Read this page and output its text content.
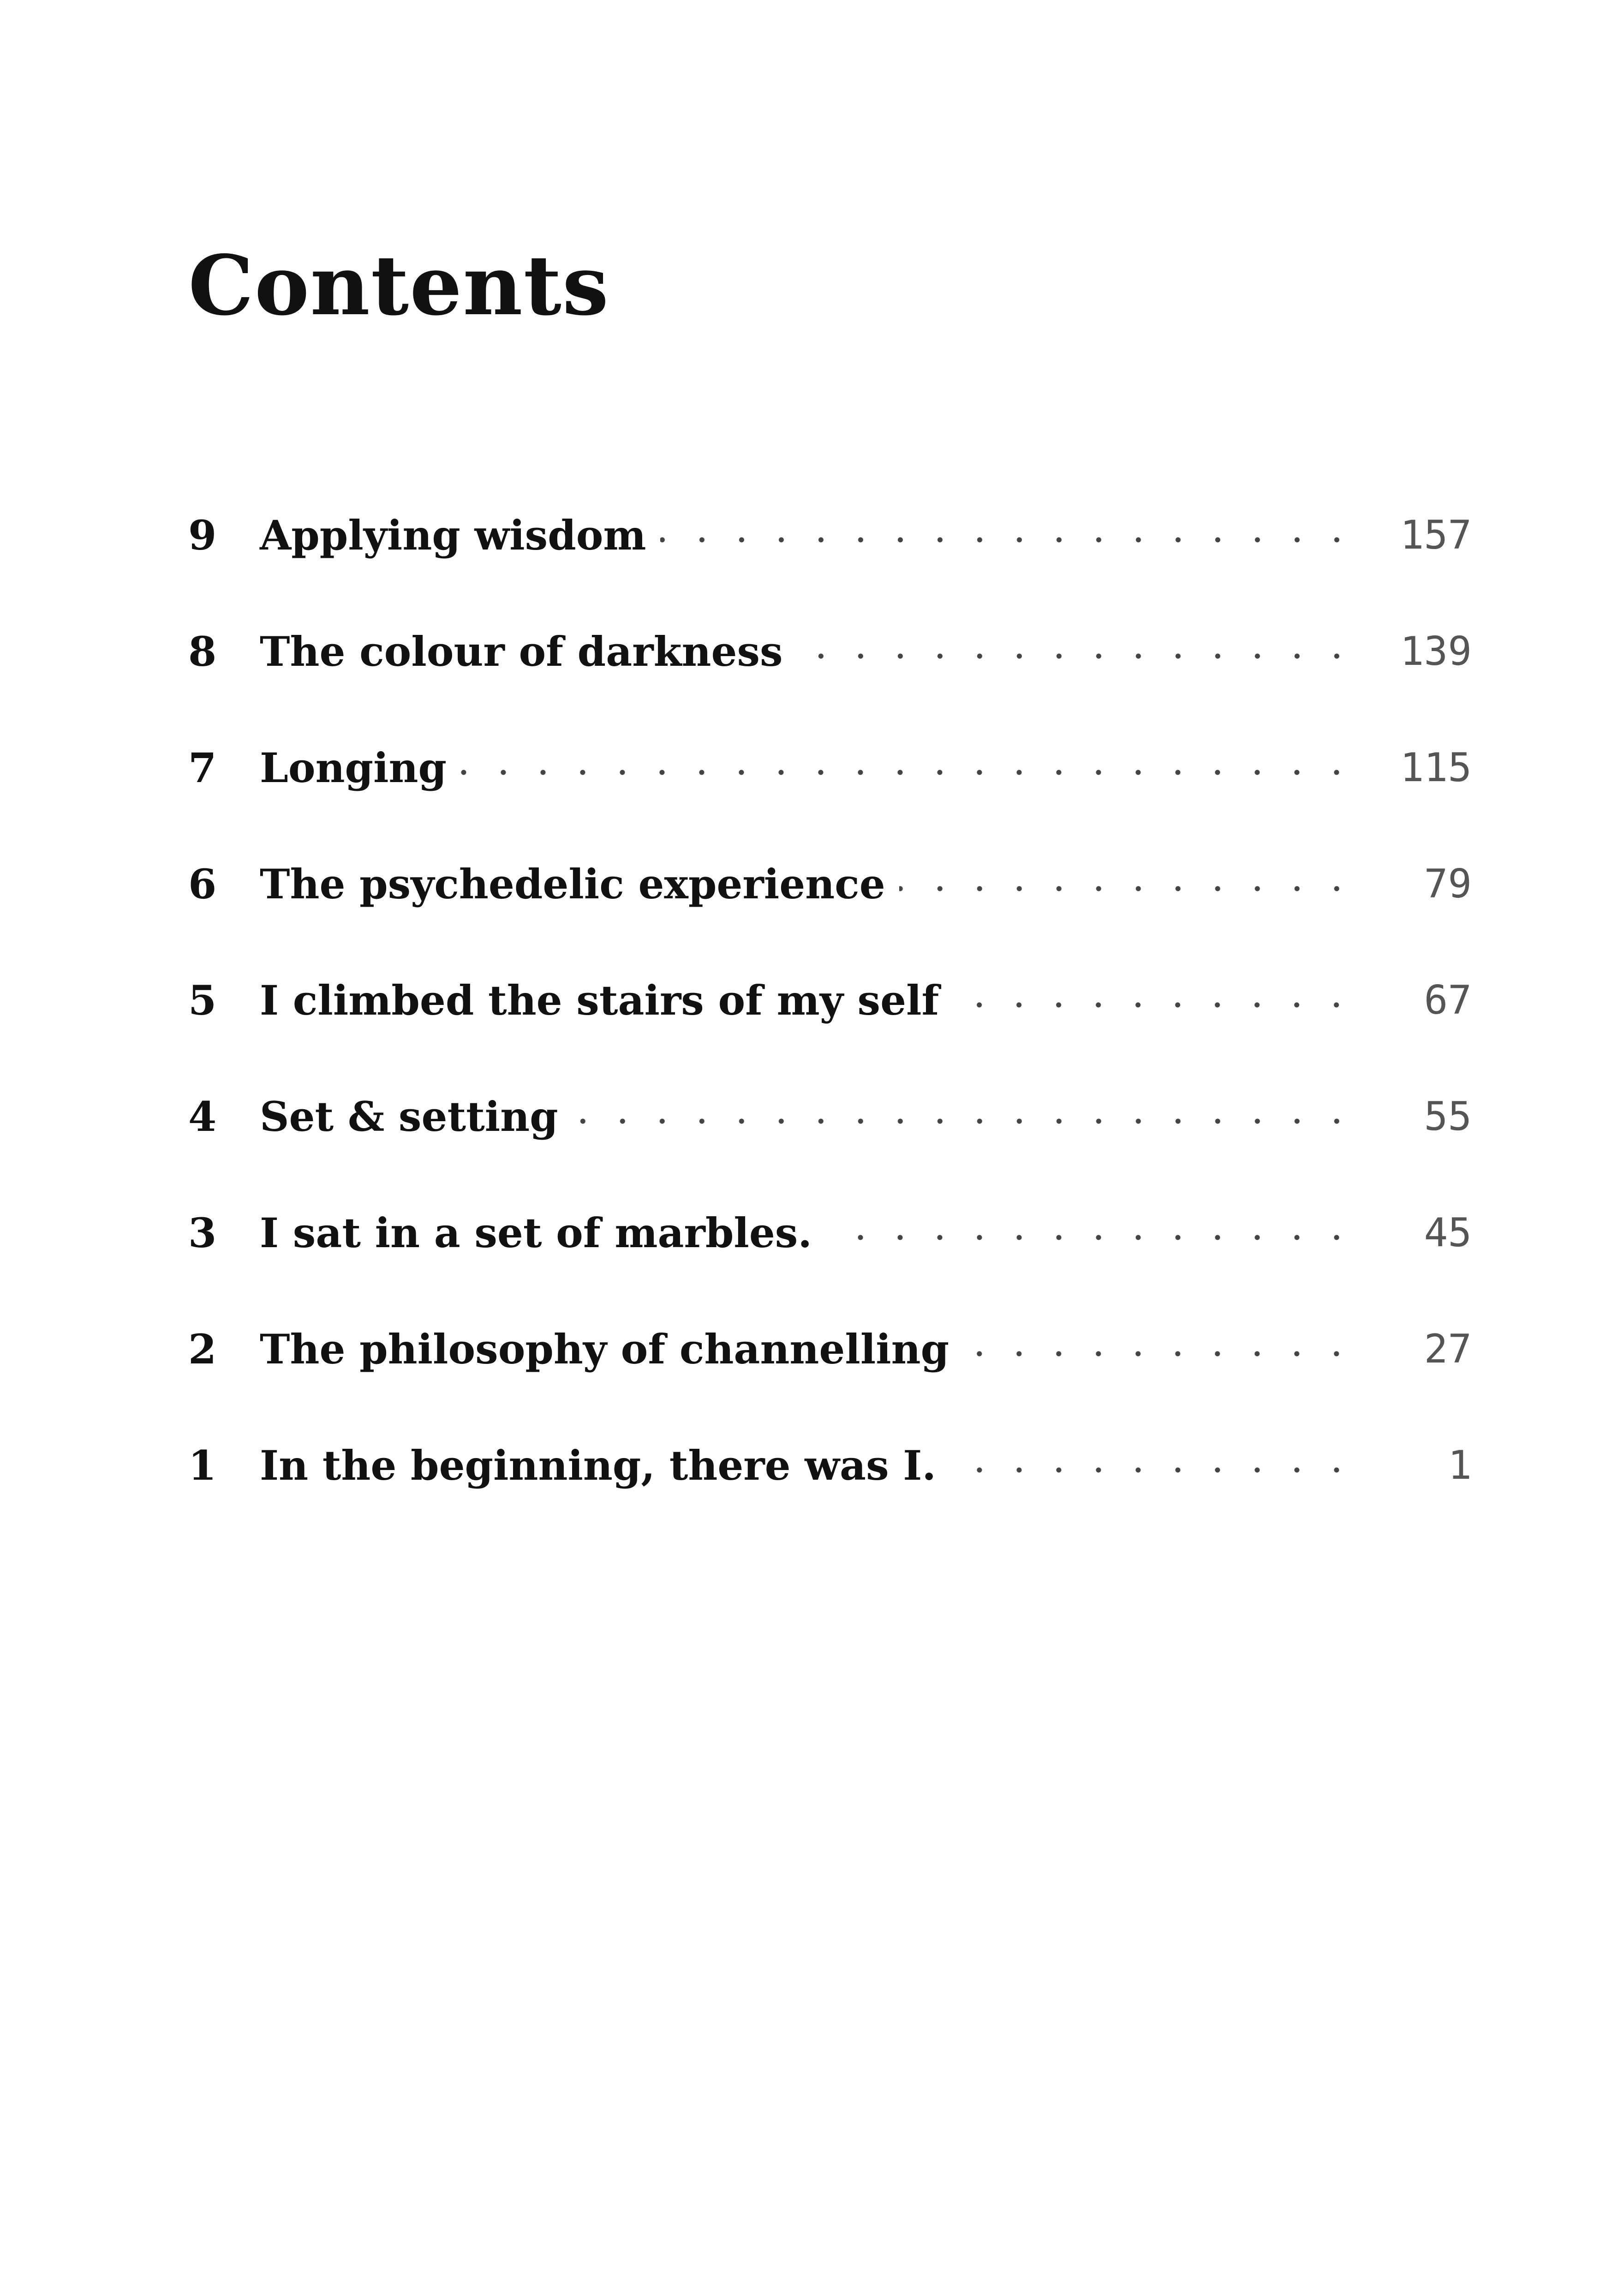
Contents
9	Applying wisdom	157
8	The colour of darkness	139
7	Longing	115
6	The psychedelic experience	79
5	I climbed the stairs of my self	67
4	Set & setting	55
3	I sat in a set of marbles.	45
2	The philosophy of channelling	27
1	In the beginning, there was I.	1
